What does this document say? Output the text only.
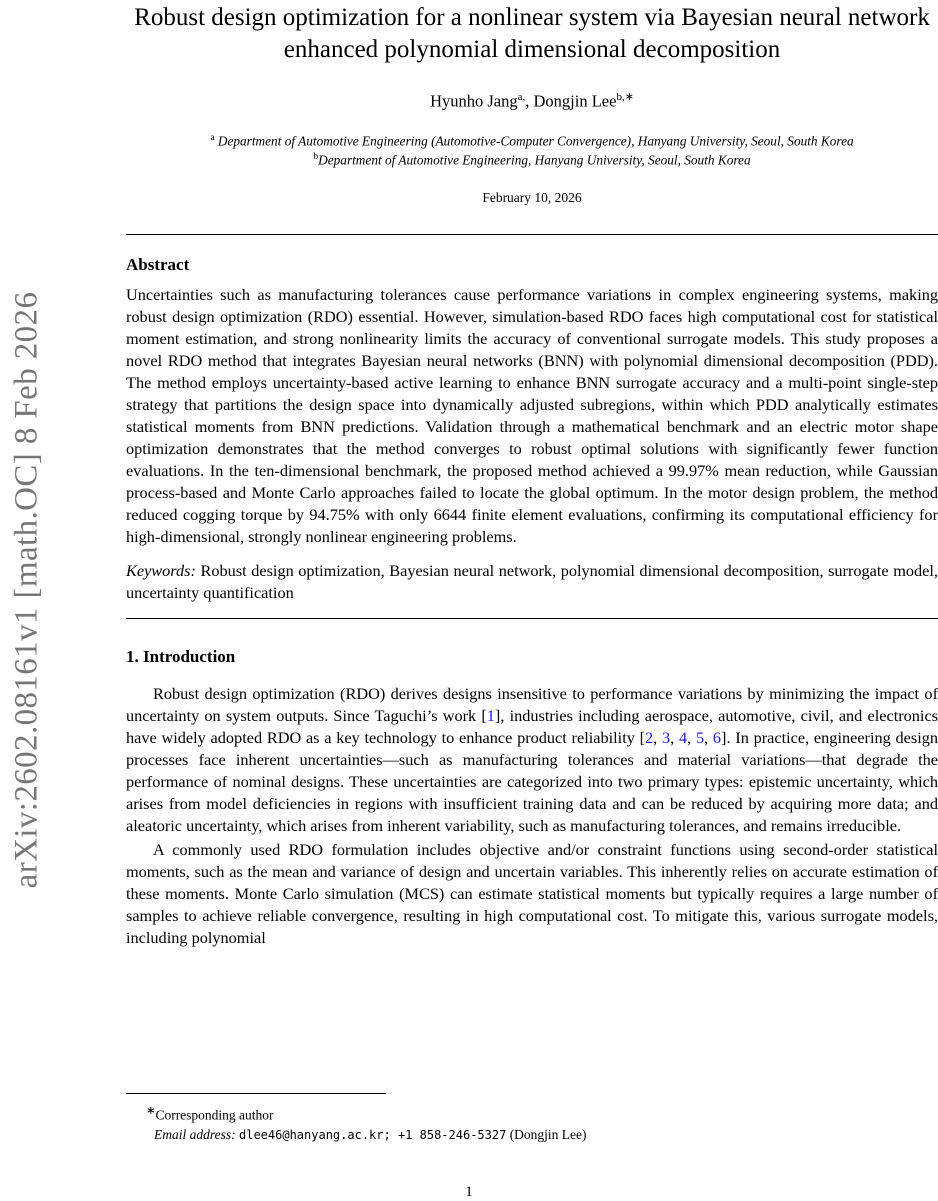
arXiv:2602.08161v1 [math.OC] 8 Feb 2026
Robust design optimization for a nonlinear system via Bayesian neural network enhanced polynomial dimensional decomposition
Hyunho Jang$^{a,}$, Dongjin Lee$^{b,∗}$
$^a$ Department of Automotive Engineering (Automotive-Computer Convergence), Hanyang University, Seoul, South Korea
$^b$Department of Automotive Engineering, Hanyang University, Seoul, South Korea
February 10, 2026
Abstract

Uncertainties such as manufacturing tolerances cause performance variations in complex engineering systems, making robust design optimization (RDO) essential. However, simulation-based RDO faces high computational cost for statistical moment estimation, and strong nonlinearity limits the accuracy of conventional surrogate models. This study proposes a novel RDO method that integrates Bayesian neural networks (BNN) with polynomial dimensional decomposition (PDD). The method employs uncertainty-based active learning to enhance BNN surrogate accuracy and a multi-point single-step strategy that partitions the design space into dynamically adjusted subregions, within which PDD analytically estimates statistical moments from BNN predictions. Validation through a mathematical benchmark and an electric motor shape optimization demonstrates that the method converges to robust optimal solutions with significantly fewer function evaluations. In the ten-dimensional benchmark, the proposed method achieved a 99.97% mean reduction, while Gaussian process-based and Monte Carlo approaches failed to locate the global optimum. In the motor design problem, the method reduced cogging torque by 94.75% with only 6644 finite element evaluations, confirming its computational efficiency for high-dimensional, strongly nonlinear engineering problems.

Keywords: Robust design optimization, Bayesian neural network, polynomial dimensional decomposition, surrogate model, uncertainty quantification

1. Introduction

Robust design optimization (RDO) derives designs insensitive to performance variations by minimizing the impact of uncertainty on system outputs. Since Taguchi’s work [1], industries including aerospace, automotive, civil, and electronics have widely adopted RDO as a key technology to enhance product reliability [2, 3, 4, 5, 6]. In practice, engineering design processes face inherent uncertainties—such as manufacturing tolerances and material variations—that degrade the performance of nominal designs. These uncertainties are categorized into two primary types: epistemic uncertainty, which arises from model deficiencies in regions with insufficient training data and can be reduced by acquiring more data; and aleatoric uncertainty, which arises from inherent variability, such as manufacturing tolerances, and remains irreducible.

A commonly used RDO formulation includes objective and/or constraint functions using second-order statistical moments, such as the mean and variance of design and uncertain variables. This inherently relies on accurate estimation of these moments. Monte Carlo simulation (MCS) can estimate statistical moments but typically requires a large number of samples to achieve reliable convergence, resulting in high computational cost. To mitigate this, various surrogate models, including polynomial

∗Corresponding author
Email address: dlee46@hanyang.ac.kr; +1 858-246-5327 (Dongjin Lee)
1
